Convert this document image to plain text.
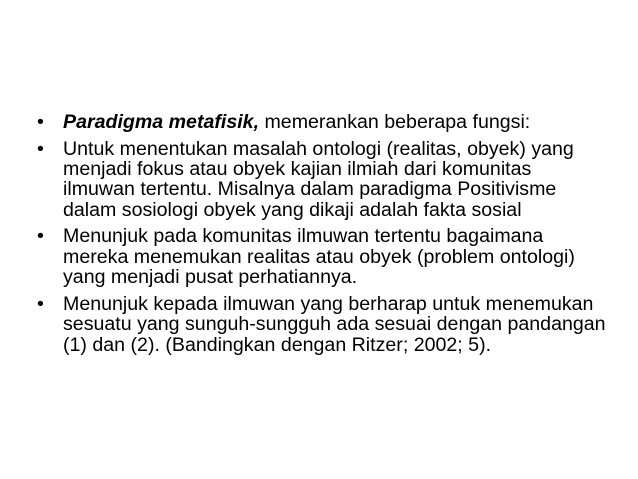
• Paradigma metafisik, memerankan beberapa fungsi:
• Untuk menentukan masalah ontologi (realitas, obyek) yang menjadi fokus atau obyek kajian ilmiah dari komunitas ilmuwan tertentu. Misalnya dalam paradigma Positivisme dalam sosiologi obyek yang dikaji adalah fakta sosial
• Menunjuk pada komunitas ilmuwan tertentu bagaimana mereka menemukan realitas atau obyek (problem ontologi) yang menjadi pusat perhatiannya.
• Menunjuk kepada ilmuwan yang berharap untuk menemukan sesuatu yang sunguh-sungguh ada sesuai dengan pandangan (1) dan (2). (Bandingkan dengan Ritzer; 2002; 5).
